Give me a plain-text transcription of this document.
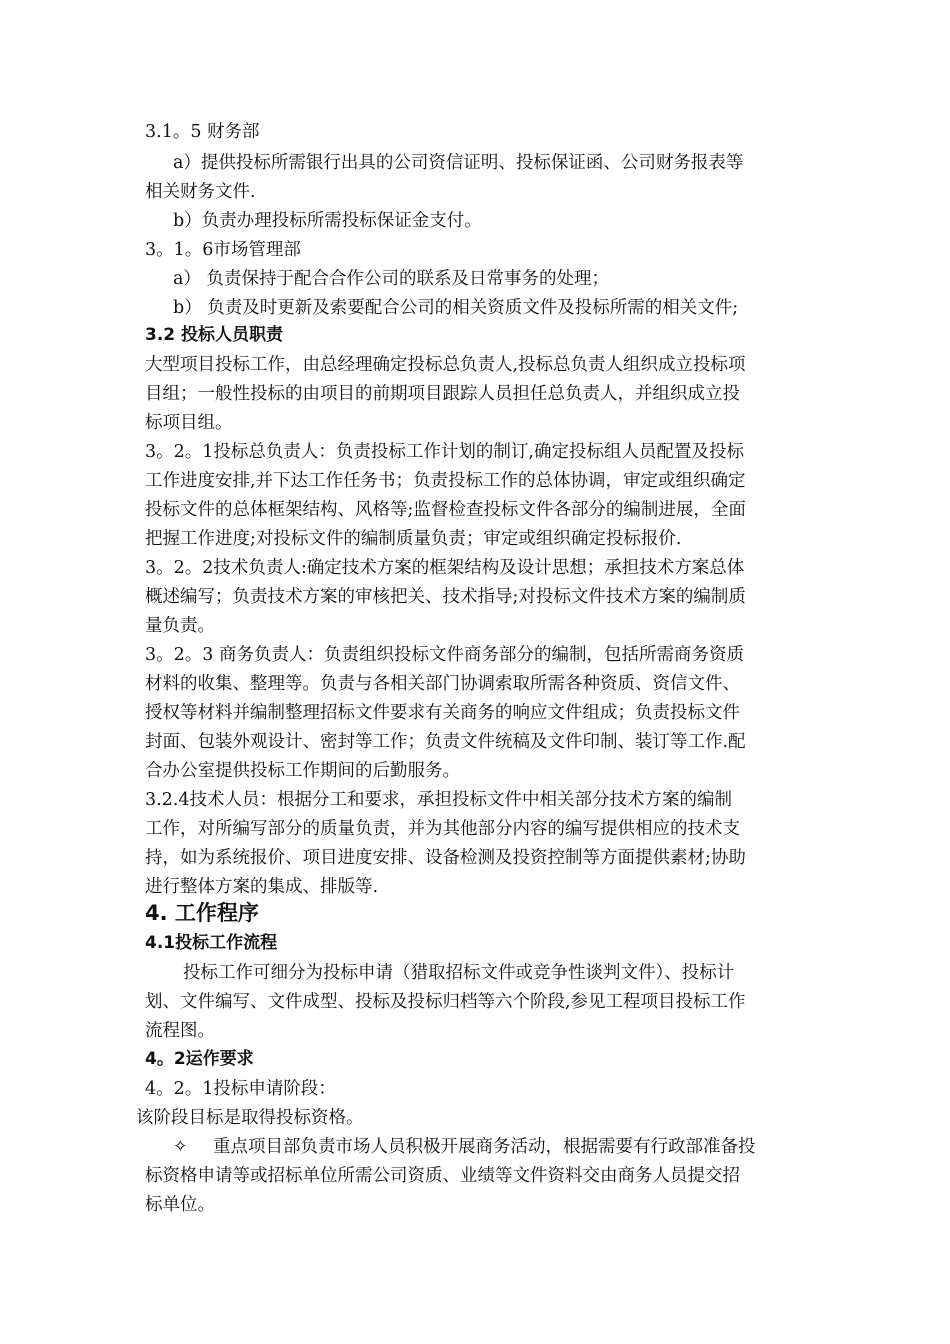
3.1。5 财务部

a）提供投标所需银行出具的公司资信证明、投标保证函、公司财务报表等

相关财务文件.

b）负责办理投标所需投标保证金支付。

3。1。6市场管理部

a） 负责保持于配合合作公司的联系及日常事务的处理；

b） 负责及时更新及索要配合公司的相关资质文件及投标所需的相关文件;

3.2 投标人员职责

大型项目投标工作，由总经理确定投标总负责人,投标总负责人组织成立投标项

目组；一般性投标的由项目的前期项目跟踪人员担任总负责人，并组织成立投

标项目组。

3。2。1投标总负责人：负责投标工作计划的制订,确定投标组人员配置及投标

工作进度安排,并下达工作任务书；负责投标工作的总体协调，审定或组织确定

投标文件的总体框架结构、风格等;监督检查投标文件各部分的编制进展，全面

把握工作进度;对投标文件的编制质量负责；审定或组织确定投标报价.

3。2。2技术负责人:确定技术方案的框架结构及设计思想；承担技术方案总体

概述编写；负责技术方案的审核把关、技术指导;对投标文件技术方案的编制质

量负责。

3。2。3 商务负责人：负责组织投标文件商务部分的编制，包括所需商务资质

材料的收集、整理等。负责与各相关部门协调索取所需各种资质、资信文件、

授权等材料并编制整理招标文件要求有关商务的响应文件组成；负责投标文件

封面、包装外观设计、密封等工作；负责文件统稿及文件印制、装订等工作.配

合办公室提供投标工作期间的后勤服务。

3.2.4技术人员：根据分工和要求，承担投标文件中相关部分技术方案的编制

工作，对所编写部分的质量负责，并为其他部分内容的编写提供相应的技术支

持，如为系统报价、项目进度安排、设备检测及投资控制等方面提供素材;协助

进行整体方案的集成、排版等.

4. 工作程序

4.1投标工作流程

投标工作可细分为投标申请（猎取招标文件或竞争性谈判文件）、投标计

划、文件编写、文件成型、投标及投标归档等六个阶段,参见工程项目投标工作

流程图。

4。2运作要求

4。2。1投标申请阶段：

该阶段目标是取得投标资格。

✧ 重点项目部负责市场人员积极开展商务活动，根据需要有行政部准备投

标资格申请等或招标单位所需公司资质、业绩等文件资料交由商务人员提交招

标单位。
